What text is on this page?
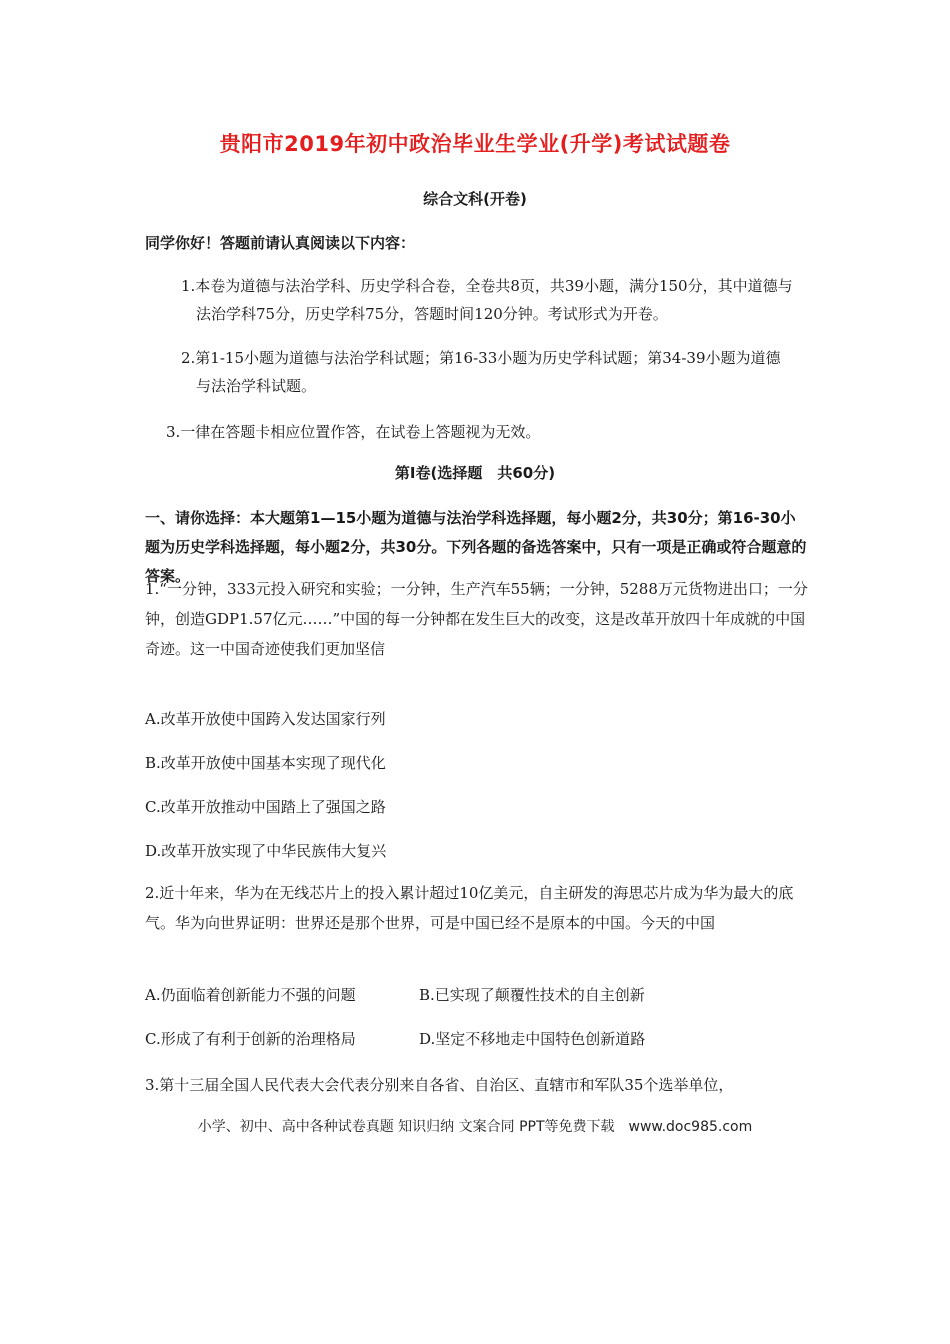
贵阳市2019年初中政治毕业生学业(升学)考试试题卷
综合文科(开卷)
同学你好！答题前请认真阅读以下内容：
1.本卷为道德与法治学科、历史学科合卷，全卷共8页，共39小题，满分150分，其中道德与法治学科75分，历史学科75分，答题时间120分钟。考试形式为开卷。
2.第1-15小题为道德与法治学科试题；第16-33小题为历史学科试题；第34-39小题为道德与法治学科试题。
3.一律在答题卡相应位置作答，在试卷上答题视为无效。
第Ⅰ卷(选择题　共60分)
一、请你选择：本大题第1—15小题为道德与法治学科选择题，每小题2分，共30分；第16-30小题为历史学科选择题，每小题2分，共30分。下列各题的备选答案中，只有一项是正确或符合题意的答案。
1.“一分钟，333元投入研究和实验；一分钟，生产汽车55辆；一分钟，5288万元货物进出口；一分钟，创造GDP1.57亿元……”中国的每一分钟都在发生巨大的改变，这是改革开放四十年成就的中国奇迹。这一中国奇迹使我们更加坚信
A.改革开放使中国跨入发达国家行列
B.改革开放使中国基本实现了现代化
C.改革开放推动中国踏上了强国之路
D.改革开放实现了中华民族伟大复兴
2.近十年来，华为在无线芯片上的投入累计超过10亿美元，自主研发的海思芯片成为华为最大的底气。华为向世界证明：世界还是那个世界，可是中国已经不是原本的中国。今天的中国
A.仍面临着创新能力不强的问题	B.已实现了颠覆性技术的自主创新
C.形成了有利于创新的治理格局	D.坚定不移地走中国特色创新道路
3.第十三届全国人民代表大会代表分别来自各省、自治区、直辖市和军队35个选举单位，
小学、初中、高中各种试卷真题 知识归纳 文案合同 PPT等免费下载　www.doc985.com
